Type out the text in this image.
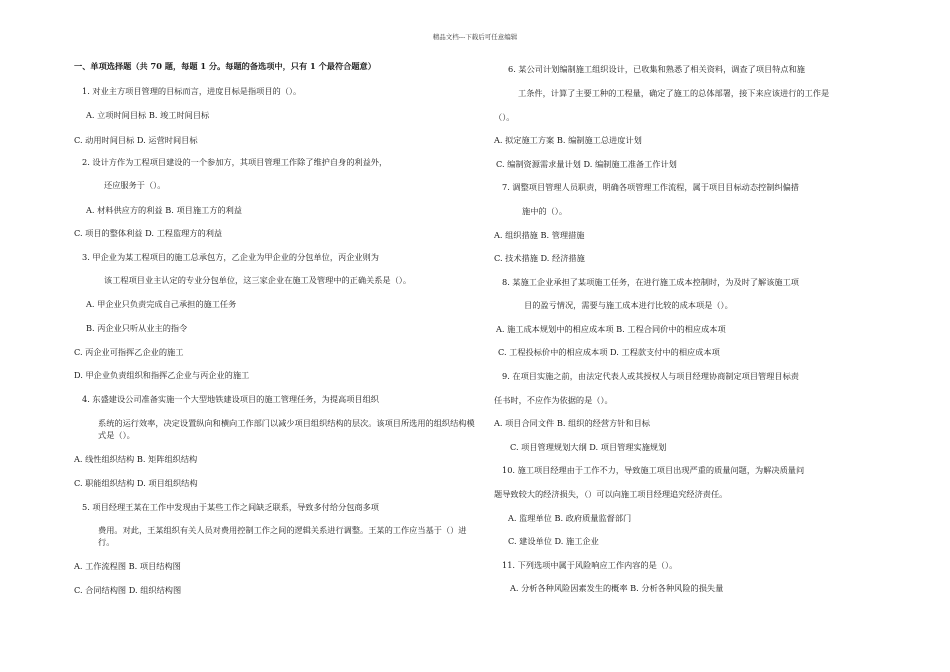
精品文档---下载后可任意编辑
一、单项选择题（共 70 题，每题 1 分。每题的备选项中，只有 1 个最符合题意）
1. 对业主方项目管理的目标而言，进度目标是指项目的（）。
A. 立项时间目标 B. 竣工时间目标
C. 动用时间目标 D. 运营时间目标
2. 设计方作为工程项目建设的一个参加方，其项目管理工作除了维护自身的利益外，
还应服务于（）。
A. 材料供应方的利益 B. 项目施工方的利益
C. 项目的整体利益 D. 工程监理方的利益
3. 甲企业为某工程项目的施工总承包方，乙企业为甲企业的分包单位，丙企业则为
该工程项目业主认定的专业分包单位，这三家企业在施工及管理中的正确关系是（）。
A. 甲企业只负责完成自己承担的施工任务
B. 丙企业只听从业主的指令
C. 丙企业可指挥乙企业的施工
D. 甲企业负责组织和指挥乙企业与丙企业的施工
4. 东盛建设公司准备实施一个大型地铁建设项目的施工管理任务，为提高项目组织
系统的运行效率，决定设置纵向和横向工作部门以减少项目组织结构的层次。该项目所选用的组织结构模式是（）。
A. 线性组织结构 B. 矩阵组织结构
C. 职能组织结构 D. 项目组织结构
5. 项目经理王某在工作中发现由于某些工作之间缺乏联系，导致多付给分包商多项
费用。对此，王某组织有关人员对费用控制工作之间的逻辑关系进行调整。王某的工作应当基于（）进行。
A. 工作流程图 B. 项目结构图
C. 合同结构图 D. 组织结构图
6. 某公司计划编制施工组织设计，已收集和熟悉了相关资料，调查了项目特点和施
工条件，计算了主要工种的工程量，确定了施工的总体部署，接下来应该进行的工作是
（）。
A. 拟定施工方案 B. 编制施工总进度计划
C. 编制资源需求量计划 D. 编制施工准备工作计划
7. 调整项目管理人员职责，明确各项管理工作流程，属于项目目标动态控制纠偏措
施中的（）。
A. 组织措施 B. 管理措施
C. 技术措施 D. 经济措施
8. 某施工企业承担了某项施工任务，在进行施工成本控制时，为及时了解该施工项
目的盈亏情况，需要与施工成本进行比较的成本项是（）。
A. 施工成本规划中的相应成本项 B. 工程合同价中的相应成本项
C. 工程投标价中的相应成本项 D. 工程款支付中的相应成本项
9. 在项目实施之前，由法定代表人或其授权人与项目经理协商制定项目管理目标责
任书时，不应作为依据的是（）。
A. 项目合同文件 B. 组织的经营方针和目标
C. 项目管理规划大纲 D. 项目管理实施规划
10. 施工项目经理由于工作不力，导致施工项目出现严重的质量问题，为解决质量问
题导致较大的经济损失，（）可以向施工项目经理追究经济责任。
A. 监理单位 B. 政府质量监督部门
C. 建设单位 D. 施工企业
11. 下列选项中属于风险响应工作内容的是（）。
A. 分析各种风险因素发生的概率 B. 分析各种风险的损失量
